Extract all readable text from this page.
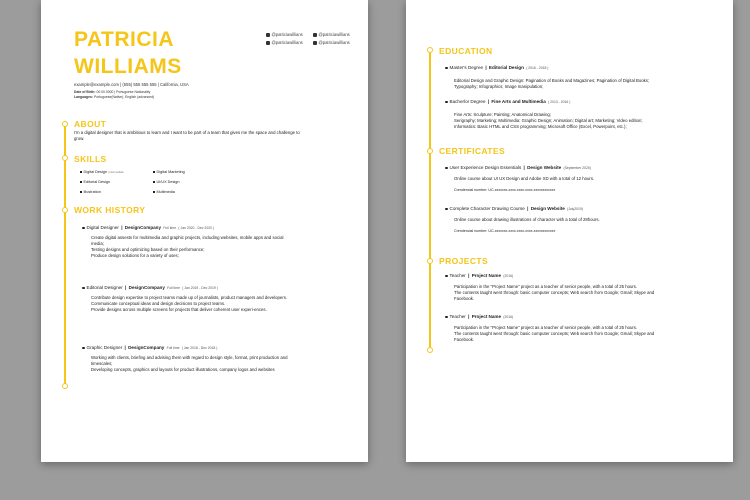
PATRICIA
WILLIAMS
@patriciawillians	@patriciawillians
@patriciawillians	@patriciawillians
example@example.com | (555) 555 555 555 | California, USA
Date of Birth: 00.00.0000 | Portuguese Nationality
Languages: Portuguese(Native), English (advanced)
ABOUT
I'm a digital designer that is ambitious to learn and I want to be part of a team that gives me the space and challenge to grow.
SKILLS
Digital Design| Intermediate	Digital Marketing
Editorial Design	UI/UX Design
Illustration	Multimedia
WORK HISTORY
Digital Designer | DesignCompany Full time ( Jan 2020 - Dec 2020 )
Create digital assests for multimedia and graphic projects, including websites, mobile apps and social media;
Testing designs and optimizing based on their performance;
Produce design solutions for a variety of uses;
Editorial Designer | DesignCompany Full time ( Jan 2019 - Dec 2019 )
Contribute design expertise to project teams made up of journalists, product managers and developers.
Communicate conceptual ideas and design decisions to project teams.
Provide designs across multiple screens for projects that deliver coherent user experi-ences.
Graphic Designer | DesignCompany Full time ( Jan 2018 - Dec 2018 )
Working with clients, briefing and advising them with regard to design style, format, print production and timescales;
Developing concepts, graphics and layouts for product illustrations, company logos and websites
EDUCATION
Master's Degree | Editorial Design ( 2016 - 2018 )
Editorial Design and Graphic Design: Pagination of Books and Magazines; Pagination of Digital Books; Typography; Infographics; Image manipulation;
Bacherlor Degree | Fine Arts and Multimedia ( 2013 - 2016 )
Fine Arts: Sculpture; Painting; Anatomical Drawing;
Serigraphy; Marketing; Multimedia: Graphic Design; Animation; Digital art; Marketing; Video edition; Informatics: Basic HTML and CSS programming; Microsoft Office (Excel, Powerpoint, etc.);
CERTIFICATES
User Experience Design Essentials | Design Website (September 2020)
Online course about UI UX Design and Adobe XD with a total of 12 hours.
Crendencial number: UC-xxxxxxx-xxxx-xxxx-xxxx-xxxxxxxxxxxx
Complete Character Drawing Course | Design Website (July2019)
Online course about drawing illustrations of character with a total of 28hours.
Crendencial number: UC-xxxxxxx-xxxx-xxxx-xxxx-xxxxxxxxxxxx
PROJECTS
Teacher | Project Name (2016)
Participation in the "Project Name" project as a teacher of senior people, with a total of 25 hours.
The contents taught went through: basic computer concepts; Web search from Google; Gmail; Skype and Facebook.
Teacher | Project Name (2016)
Participation in the "Project Name" project as a teacher of senior people, with a total of 25 hours.
The contents taught went through: basic computer concepts; Web search from Google; Gmail; Skype and Facebook.
